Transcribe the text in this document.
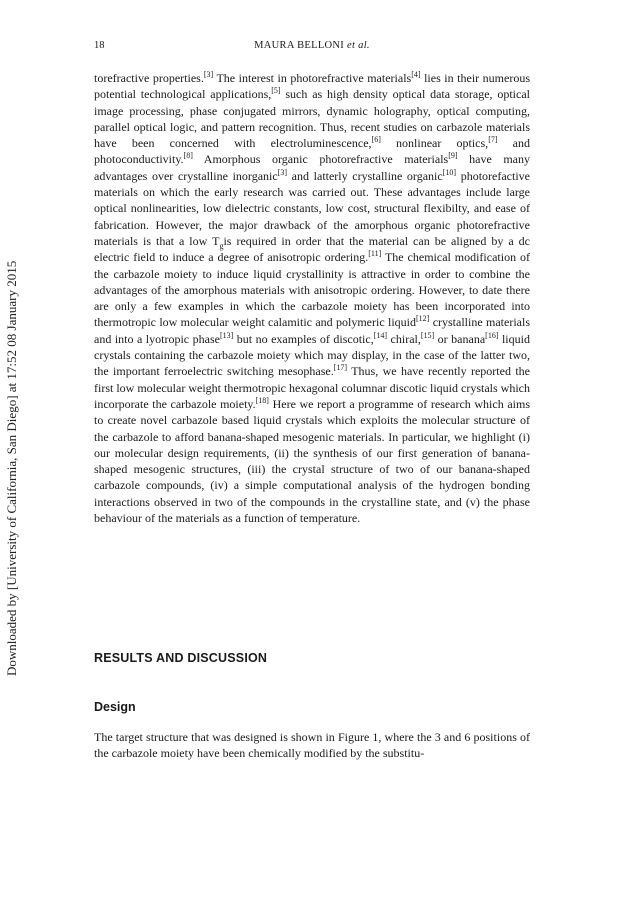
18	MAURA BELLONI et al.
Downloaded by [University of California, San Diego] at 17:52 08 January 2015

torefractive properties.[3] The interest in photorefractive materials[4] lies in their numerous potential technological applications,[5] such as high density optical data storage, optical image processing, phase conjugated mirrors, dynamic holography, optical computing, parallel optical logic, and pattern recognition. Thus, recent studies on carbazole materials have been concerned with electroluminescence,[6] nonlinear optics,[7] and photoconductivity.[8] Amorphous organic photorefractive materials[9] have many advantages over crystalline inorganic[3] and latterly crystalline organic[10] photorefactive materials on which the early research was carried out. These advantages include large optical nonlinearities, low dielectric constants, low cost, structural flexibilty, and ease of fabrication. However, the major drawback of the amorphous organic photorefractive materials is that a low $T_gis$ required in order that the material can be aligned by a dc electric field to induce a degree of anisotropic ordering.[11] The chemical modification of the carbazole moiety to induce liquid crystallinity is attractive in order to combine the advantages of the amorphous materials with anisotropic ordering. However, to date there are only a few examples in which the carbazole moiety has been incorporated into thermotropic low molecular weight calamitic and polymeric liquid[12] crystalline materials and into a lyotropic phase[13] but no examples of discotic,[14] chiral,[15] or banana[16] liquid crystals containing the carbazole moiety which may display, in the case of the latter two, the important ferroelectric switching mesophase.[17] Thus, we have recently reported the first low molecular weight thermotropic hexagonal columnar discotic liquid crystals which incorporate the carbazole moiety.[18] Here we report a programme of research which aims to create novel carbazole based liquid crystals which exploits the molecular structure of the carbazole to afford banana-shaped mesogenic materials. In particular, we highlight (i) our molecular design requirements, (ii) the synthesis of our first generation of banana-shaped mesogenic structures, (iii) the crystal structure of two of our banana-shaped carbazole compounds, (iv) a simple computational analysis of the hydrogen bonding interactions observed in two of the compounds in the crystalline state, and (v) the phase behaviour of the materials as a function of temperature.

RESULTS AND DISCUSSION
Design

The target structure that was designed is shown in Figure 1, where the 3 and 6 positions of the carbazole moiety have been chemically modified by the substitu-
